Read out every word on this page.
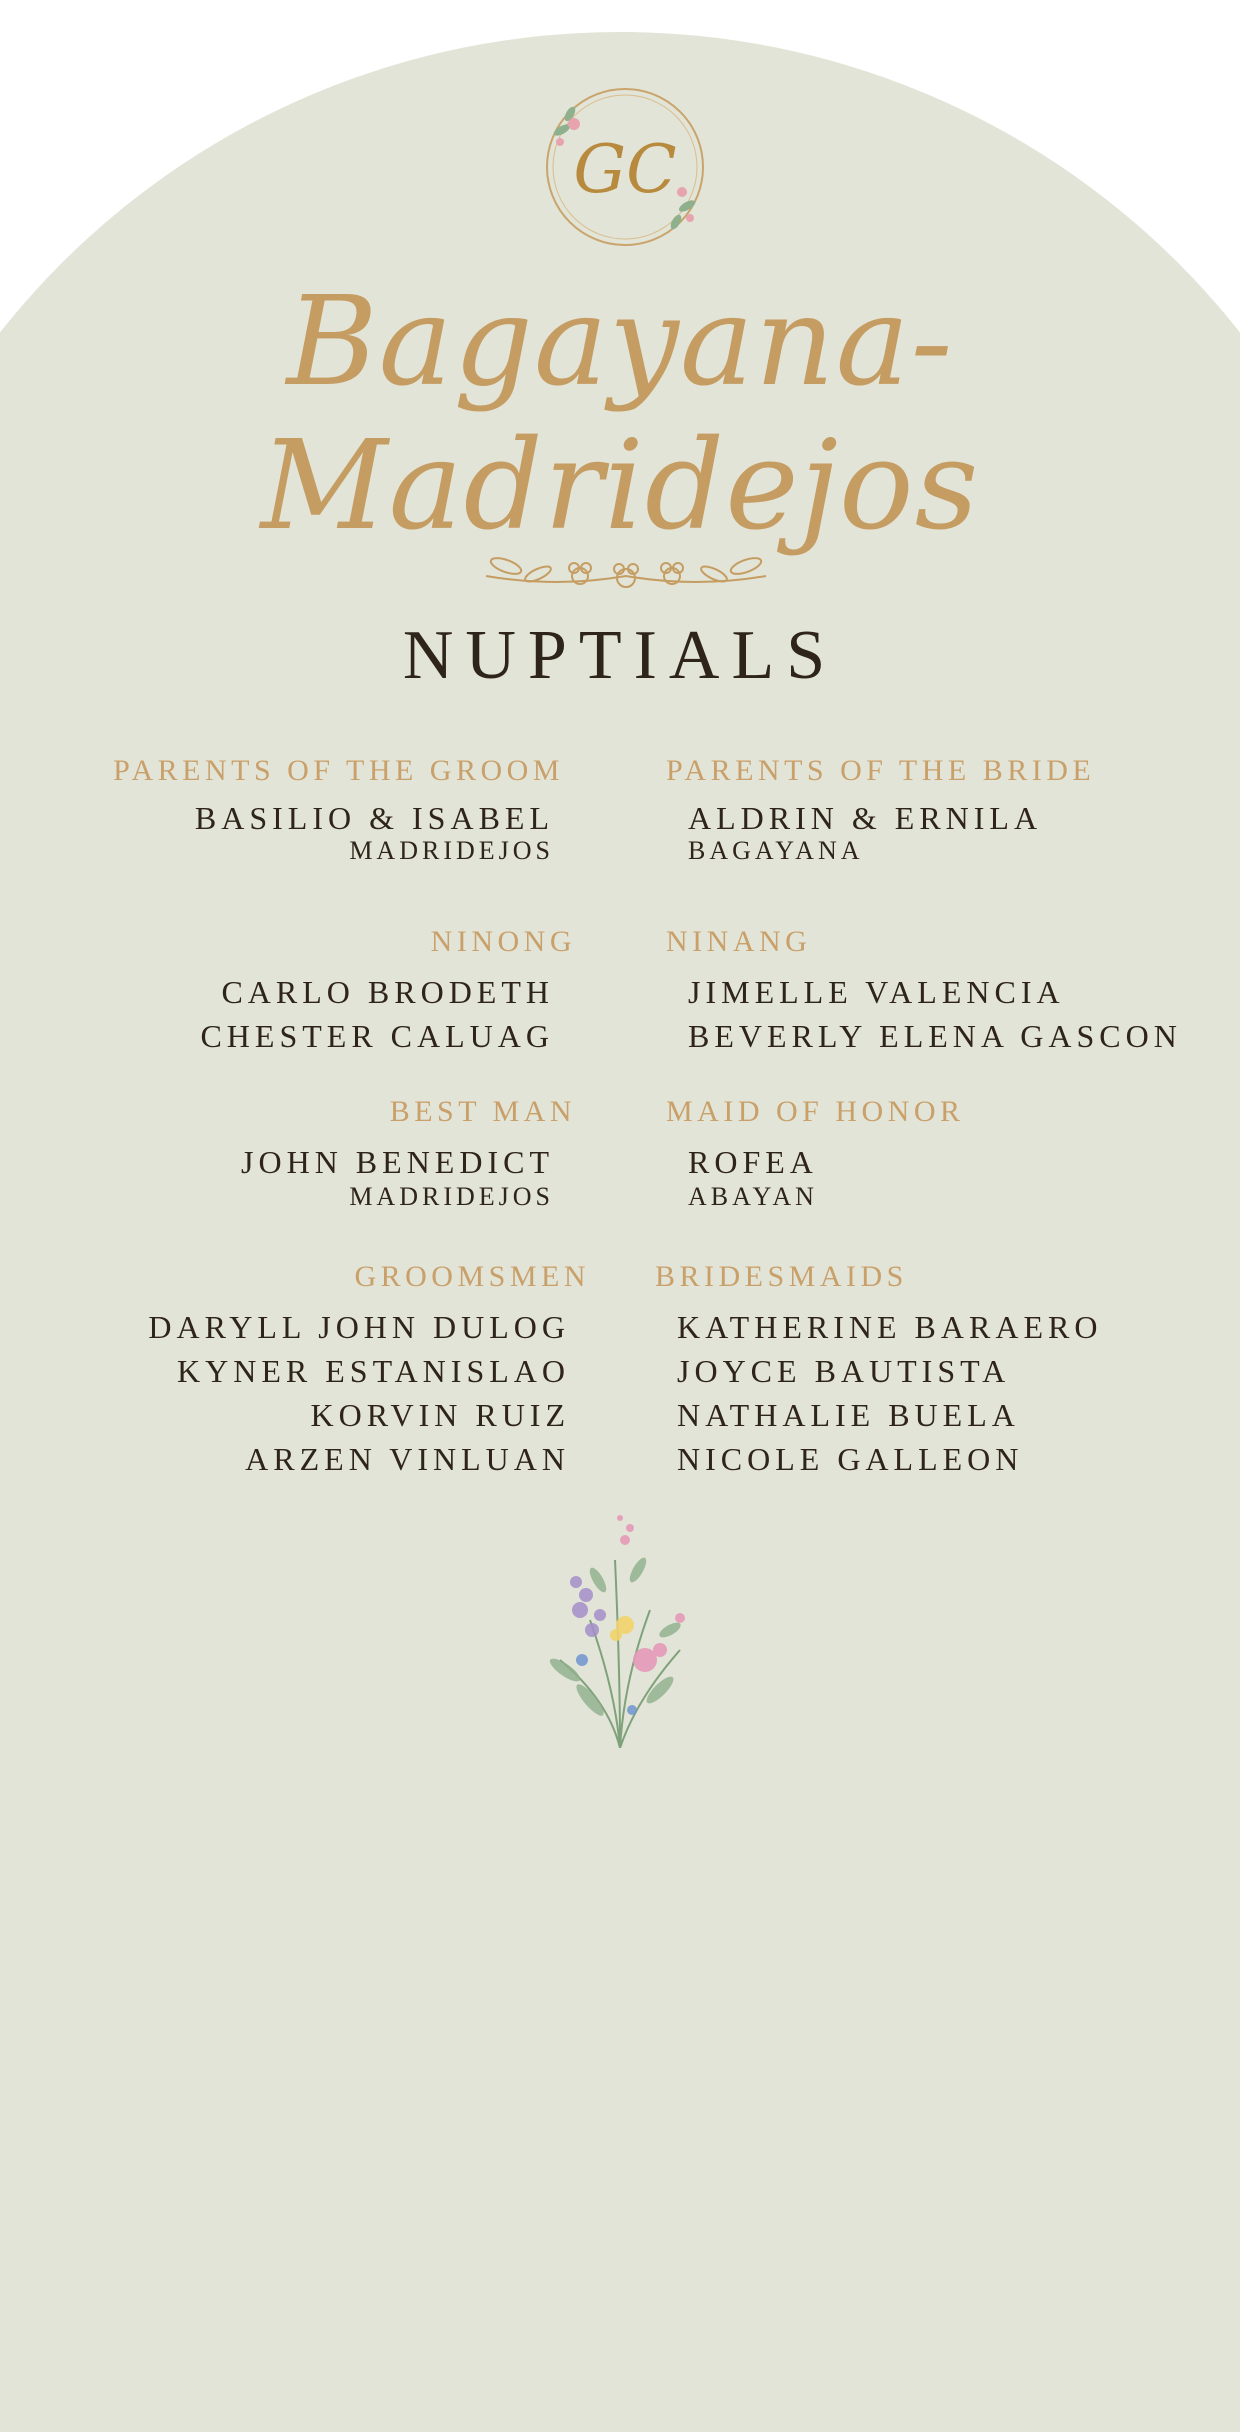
GC
Bagayana-Madridejos
NUPTIALS
PARENTS OF THE GROOM
BASILIO & ISABEL
MADRIDEJOS
PARENTS OF THE BRIDE
ALDRIN & ERNILA
BAGAYANA
NINONG
CARLO BRODETH
CHESTER CALUAG
NINANG
JIMELLE VALENCIA
BEVERLY ELENA GASCON
BEST MAN
JOHN BENEDICT
MADRIDEJOS
MAID OF HONOR
ROFEA
ABAYAN
GROOMSMEN
DARYLL JOHN DULOG
KYNER ESTANISLAO
KORVIN RUIZ
ARZEN VINLUAN
BRIDESMAIDS
KATHERINE BARAERO
JOYCE BAUTISTA
NATHALIE BUELA
NICOLE GALLEON
